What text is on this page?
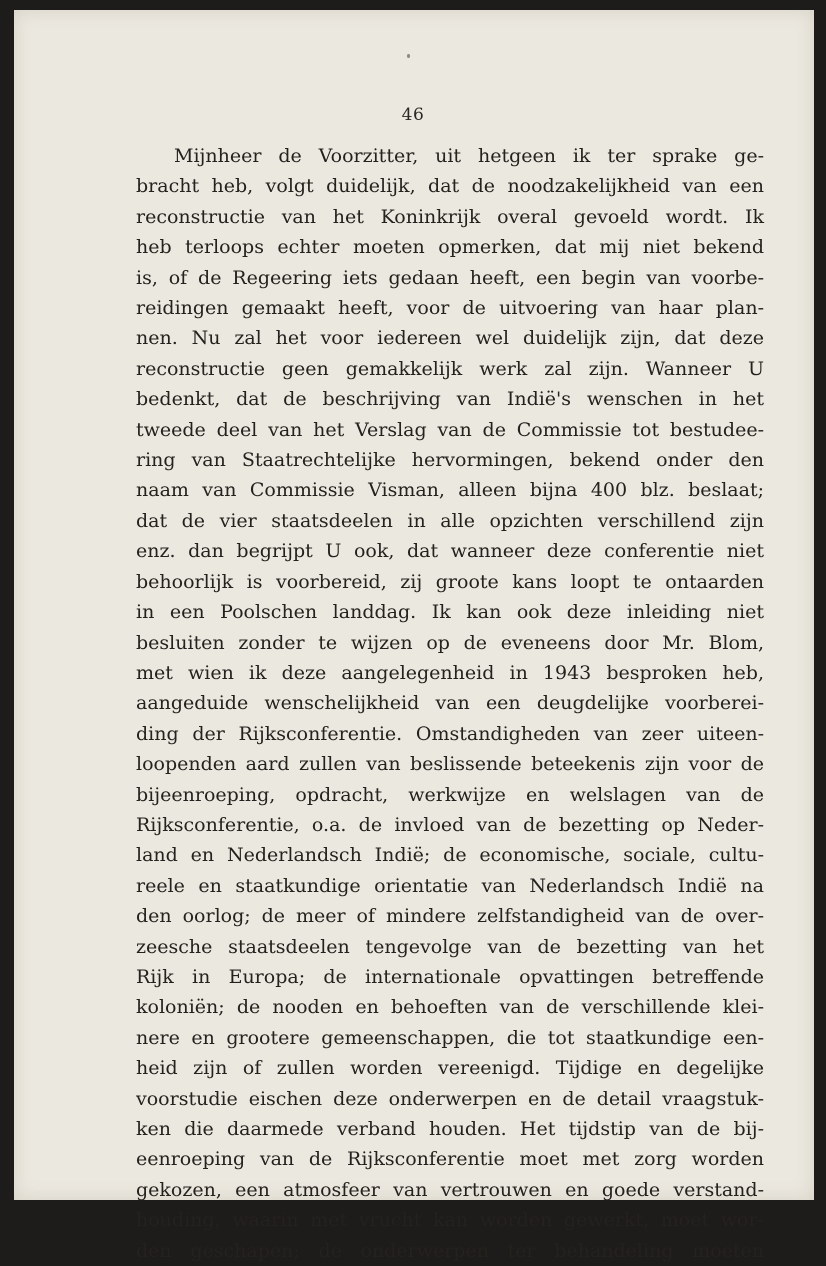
46
Mijnheer de Voorzitter, uit hetgeen ik ter sprake ge-
bracht heb, volgt duidelijk, dat de noodzakelijkheid van een
reconstructie van het Koninkrijk overal gevoeld wordt. Ik
heb terloops echter moeten opmerken, dat mij niet bekend
is, of de Regeering iets gedaan heeft, een begin van voorbe-
reidingen gemaakt heeft, voor de uitvoering van haar plan-
nen. Nu zal het voor iedereen wel duidelijk zijn, dat deze
reconstructie geen gemakkelijk werk zal zijn. Wanneer U
bedenkt, dat de beschrijving van Indië's wenschen in het
tweede deel van het Verslag van de Commissie tot bestudee-
ring van Staatrechtelijke hervormingen, bekend onder den
naam van Commissie Visman, alleen bijna 400 blz. beslaat;
dat de vier staatsdeelen in alle opzichten verschillend zijn
enz. dan begrijpt U ook, dat wanneer deze conferentie niet
behoorlijk is voorbereid, zij groote kans loopt te ontaarden
in een Poolschen landdag. Ik kan ook deze inleiding niet
besluiten zonder te wijzen op de eveneens door Mr. Blom,
met wien ik deze aangelegenheid in 1943 besproken heb,
aangeduide wenschelijkheid van een deugdelijke voorberei-
ding der Rijksconferentie. Omstandigheden van zeer uiteen-
loopenden aard zullen van beslissende beteekenis zijn voor de
bijeenroeping, opdracht, werkwijze en welslagen van de
Rijksconferentie, o.a. de invloed van de bezetting op Neder-
land en Nederlandsch Indië; de economische, sociale, cultu-
reele en staatkundige orientatie van Nederlandsch Indië na
den oorlog; de meer of mindere zelfstandigheid van de over-
zeesche staatsdeelen tengevolge van de bezetting van het
Rijk in Europa; de internationale opvattingen betreffende
koloniën; de nooden en behoeften van de verschillende klei-
nere en grootere gemeenschappen, die tot staatkundige een-
heid zijn of zullen worden vereenigd. Tijdige en degelijke
voorstudie eischen deze onderwerpen en de detail vraagstuk-
ken die daarmede verband houden. Het tijdstip van de bij-
eenroeping van de Rijksconferentie moet met zorg worden
gekozen, een atmosfeer van vertrouwen en goede verstand-
houding, waarin met vrucht kan worden gewerkt, moet wor-
den geschapen; de onderwerpen ter behandeling moeten
